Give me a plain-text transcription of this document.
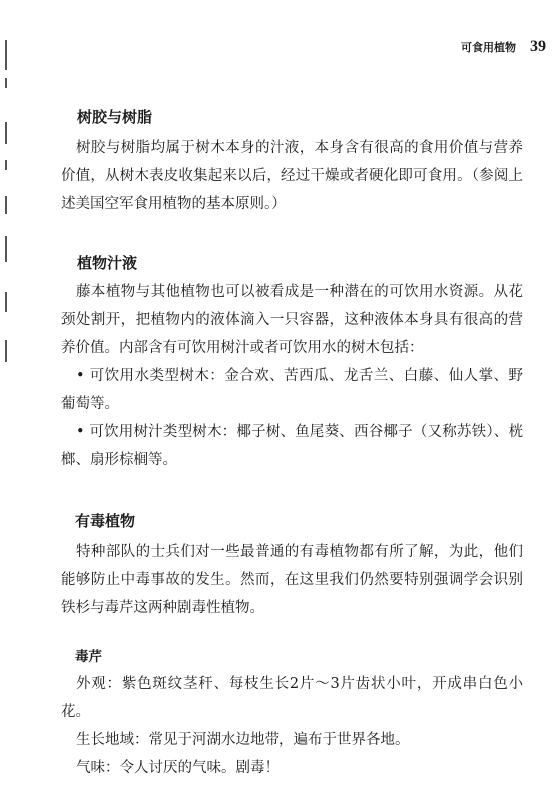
可食用植物 39
树胶与树脂

树胶与树脂均属于树木本身的汁液，本身含有很高的食用价值与营养价值，从树木表皮收集起来以后，经过干燥或者硬化即可食用。（参阅上述美国空军食用植物的基本原则。）

植物汁液

藤本植物与其他植物也可以被看成是一种潜在的可饮用水资源。从花颈处割开，把植物内的液体滴入一只容器，这种液体本身具有很高的营养价值。内部含有可饮用树汁或者可饮用水的树木包括：

• 可饮用水类型树木：金合欢、苦西瓜、龙舌兰、白藤、仙人掌、野葡萄等。

• 可饮用树汁类型树木：椰子树、鱼尾葵、西谷椰子（又称苏铁）、桄榔、扇形棕榈等。

有毒植物

特种部队的士兵们对一些最普通的有毒植物都有所了解，为此，他们能够防止中毒事故的发生。然而，在这里我们仍然要特别强调学会识别铁杉与毒芹这两种剧毒性植物。

毒芹

外观：紫色斑纹茎秆、每枝生长2片～3片齿状小叶，开成串白色小花。

生长地域：常见于河湖水边地带，遍布于世界各地。

气味：令人讨厌的气味。剧毒！
